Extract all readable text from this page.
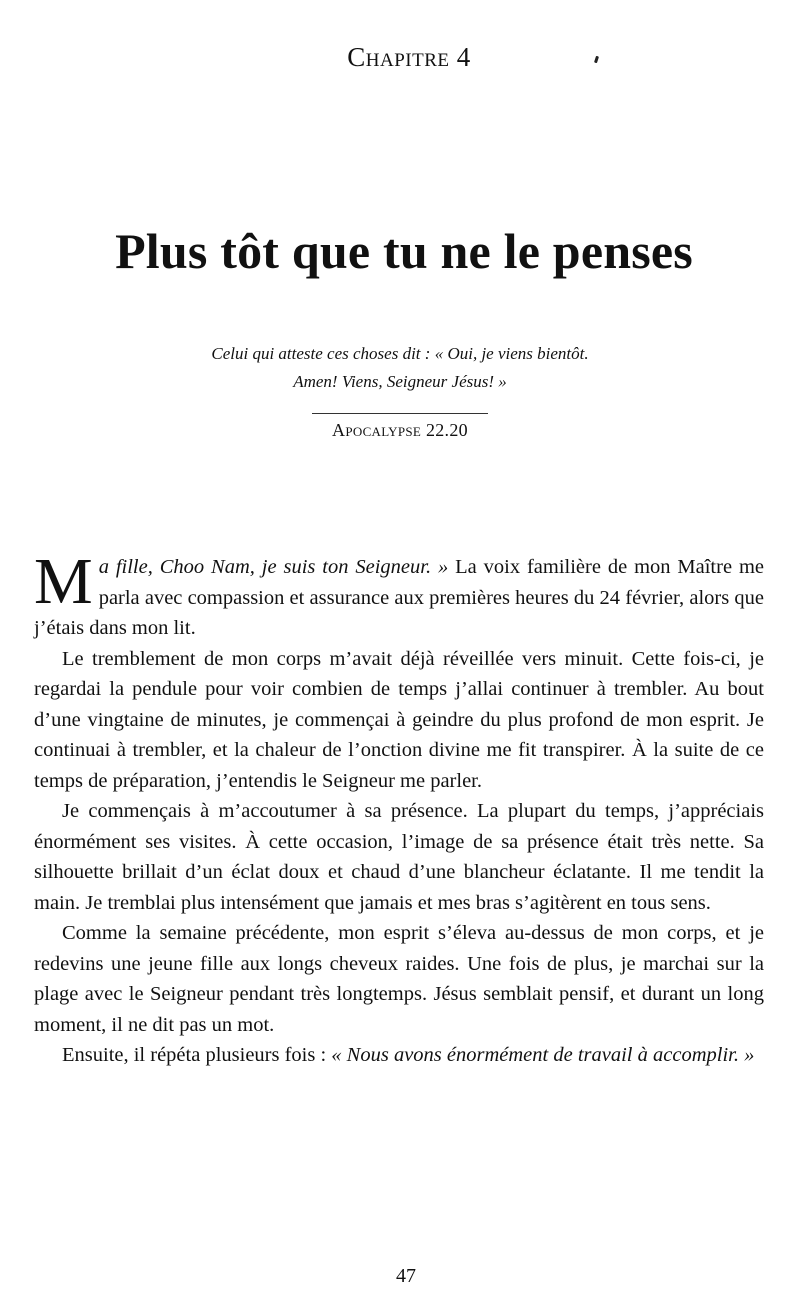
Chapitre 4
Plus tôt que tu ne le penses
Celui qui atteste ces choses dit : « Oui, je viens bientôt.
Amen! Viens, Seigneur Jésus! »
Apocalypse 22.20

Ma fille, Choo Nam, je suis ton Seigneur. » La voix familière de mon Maître me parla avec compassion et assurance aux premières heures du 24 février, alors que j’étais dans mon lit.

Le tremblement de mon corps m’avait déjà réveillée vers minuit. Cette fois-ci, je regardai la pendule pour voir combien de temps j’allai continuer à trembler. Au bout d’une vingtaine de minutes, je commençai à geindre du plus profond de mon esprit. Je continuai à trembler, et la chaleur de l’onction divine me fit transpirer. À la suite de ce temps de préparation, j’entendis le Seigneur me parler.

Je commençais à m’accoutumer à sa présence. La plupart du temps, j’appréciais énormément ses visites. À cette occasion, l’image de sa présence était très nette. Sa silhouette brillait d’un éclat doux et chaud d’une blancheur éclatante. Il me tendit la main. Je tremblai plus intensément que jamais et mes bras s’agitèrent en tous sens.

Comme la semaine précédente, mon esprit s’éleva au-dessus de mon corps, et je redevins une jeune fille aux longs cheveux raides. Une fois de plus, je marchai sur la plage avec le Seigneur pendant très longtemps. Jésus semblait pensif, et durant un long moment, il ne dit pas un mot.

Ensuite, il répéta plusieurs fois : « Nous avons énormément de travail à accomplir. »

47
